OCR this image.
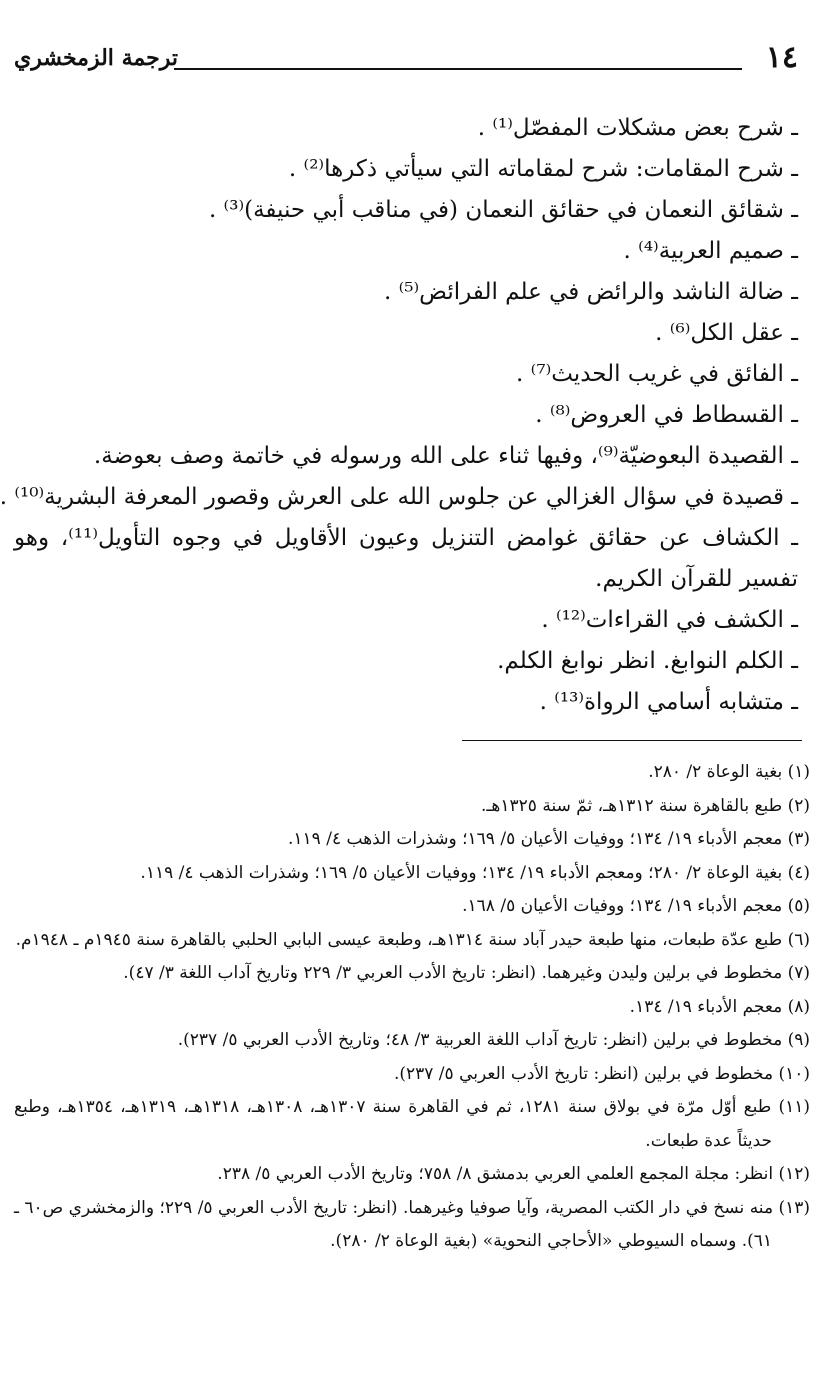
١٤
ترجمة الزمخشري
ـ شرح بعض مشكلات المفصّل⁽¹⁾ .
ـ شرح المقامات: شرح لمقاماته التي سيأتي ذكرها⁽²⁾ .
ـ شقائق النعمان في حقائق النعمان (في مناقب أبي حنيفة)⁽³⁾ .
ـ صميم العربية⁽⁴⁾ .
ـ ضالة الناشد والرائض في علم الفرائض⁽⁵⁾ .
ـ عقل الكل⁽⁶⁾ .
ـ الفائق في غريب الحديث⁽⁷⁾ .
ـ القسطاط في العروض⁽⁸⁾ .
ـ القصيدة البعوضيّة⁽⁹⁾، وفيها ثناء على الله ورسوله في خاتمة وصف بعوضة.
ـ قصيدة في سؤال الغزالي عن جلوس الله على العرش وقصور المعرفة البشرية⁽¹⁰⁾ .
ـ الكشاف عن حقائق غوامض التنزيل وعيون الأقاويل في وجوه التأويل⁽¹¹⁾، وهو تفسير للقرآن الكريم.
ـ الكشف في القراءات⁽¹²⁾ .
ـ الكلم النوابغ. انظر نوابغ الكلم.
ـ متشابه أسامي الرواة⁽¹³⁾ .
(١) بغية الوعاة ٢/ ٢٨٠.
(٢) طبع بالقاهرة سنة ١٣١٢هـ، ثمّ سنة ١٣٢٥هـ.
(٣) معجم الأدباء ١٩/ ١٣٤؛ ووفيات الأعيان ٥/ ١٦٩؛ وشذرات الذهب ٤/ ١١٩.
(٤) بغية الوعاة ٢/ ٢٨٠؛ ومعجم الأدباء ١٩/ ١٣٤؛ ووفيات الأعيان ٥/ ١٦٩؛ وشذرات الذهب ٤/ ١١٩.
(٥) معجم الأدباء ١٩/ ١٣٤؛ ووفيات الأعيان ٥/ ١٦٨.
(٦) طبع عدّة طبعات، منها طبعة حيدر آباد سنة ١٣١٤هـ، وطبعة عيسى البابي الحلبي بالقاهرة سنة ١٩٤٥م ـ ١٩٤٨م.
(٧) مخطوط في برلين وليدن وغيرهما. (انظر: تاريخ الأدب العربي ٣/ ٢٢٩ وتاريخ آداب اللغة ٣/ ٤٧).
(٨) معجم الأدباء ١٩/ ١٣٤.
(٩) مخطوط في برلين (انظر: تاريخ آداب اللغة العربية ٣/ ٤٨؛ وتاريخ الأدب العربي ٥/ ٢٣٧).
(١٠) مخطوط في برلين (انظر: تاريخ الأدب العربي ٥/ ٢٣٧).
(١١) طبع أوّل مرّة في بولاق سنة ١٢٨١، ثم في القاهرة سنة ١٣٠٧هـ، ١٣٠٨هـ، ١٣١٨هـ، ١٣١٩هـ، ١٣٥٤هـ، وطبع حديثاً عدة طبعات.
(١٢) انظر: مجلة المجمع العلمي العربي بدمشق ٨/ ٧٥٨؛ وتاريخ الأدب العربي ٥/ ٢٣٨.
(١٣) منه نسخ في دار الكتب المصرية، وآيا صوفيا وغيرهما. (انظر: تاريخ الأدب العربي ٥/ ٢٢٩؛ والزمخشري ص٦٠ ـ ٦١). وسماه السيوطي «الأحاجي النحوية» (بغية الوعاة ٢/ ٢٨٠).
